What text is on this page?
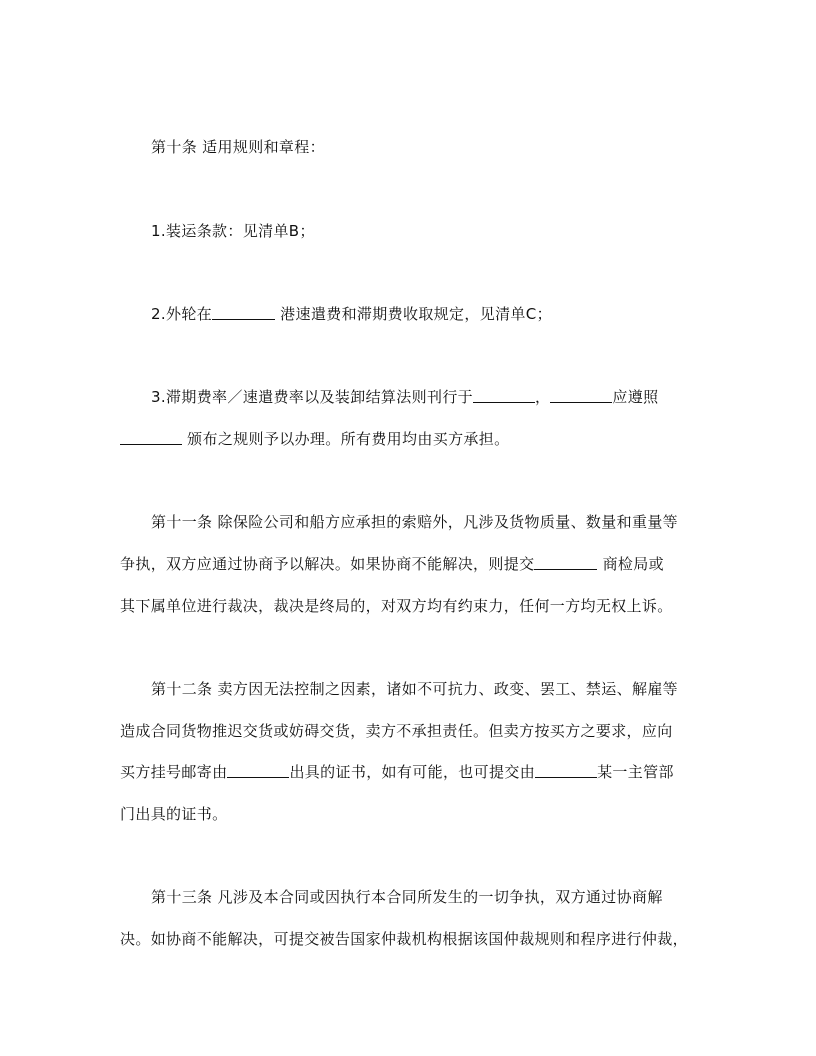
第十条 适用规则和章程：
1.装运条款：见清单B；
2.外轮在	港速遣费和滞期费收取规定，见清单C；
3.滞期费率／速遣费率以及装卸结算法则刊行于	，	应遵照
颁布之规则予以办理。所有费用均由买方承担。
第十一条 除保险公司和船方应承担的索赔外，凡涉及货物质量、数量和重量等
争执，双方应通过协商予以解决。如果协商不能解决，则提交	商检局或
其下属单位进行裁决，裁决是终局的，对双方均有约束力，任何一方均无权上诉。
第十二条 卖方因无法控制之因素，诸如不可抗力、政变、罢工、禁运、解雇等
造成合同货物推迟交货或妨碍交货，卖方不承担责任。但卖方按买方之要求，应向
买方挂号邮寄由	出具的证书，如有可能，也可提交由	某一主管部
门出具的证书。
第十三条 凡涉及本合同或因执行本合同所发生的一切争执，双方通过协商解
决。如协商不能解决，可提交被告国家仲裁机构根据该国仲裁规则和程序进行仲裁，
